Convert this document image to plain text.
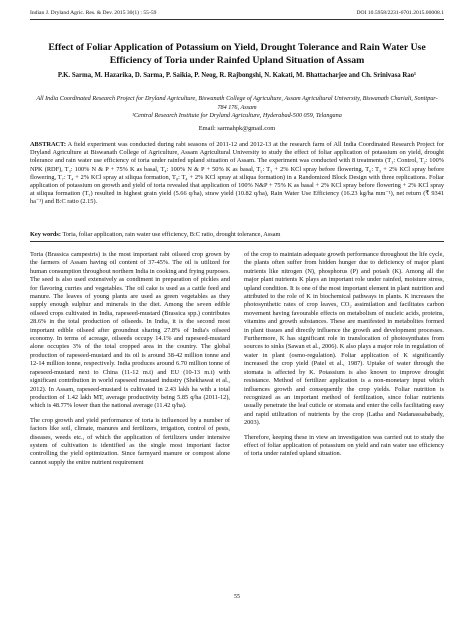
Indian J. Dryland Agric. Res. & Dev. 2015 30(1) : 55-59	DOI 10.5958/2231-6701.2015.00008.1
Effect of Foliar Application of Potassium on Yield, Drought Tolerance and Rain Water Use Efficiency of Toria under Rainfed Upland Situation of Assam

P.K. Sarma, M. Hazarika, D. Sarma, P. Saikia, P. Neog, R. Rajbongshi, N. Kakati, M. Bhattacharjee and Ch. Srinivasa Rao¹

All India Coordinated Research Project for Dryland Agriculture, Biswanath College of Agriculture, Assam Agricultural University, Biswanath Chariali, Sonitpur-784 176, Assam
¹Central Research Institute for Dryland Agriculture, Hyderabad-500 059, Telangana

Email: sarmahpk@gmail.com

ABSTRACT: A field experiment was conducted during rabi seasons of 2011-12 and 2012-13 at the research farm of All India Coordinated Research Project for Dryland Agriculture at Biswanath College of Agriculture, Assam Agricultural University to study the effect of foliar application of potassium on yield, drought tolerance and rain water use efficiency of toria under rainfed upland situation of Assam. The experiment was conducted with 8 treatments (T₁: Control, T₂: 100% NPK (RDF), T₃: 100% N & P + 75% K as basal, T₄: 100% N & P + 50% K as basal, T₅: T₃ + 2% KCl spray before flowering, T₆: T₃ + 2% KCl spray before flowering, T₇: T₄ + 2% KCl spray at siliqua formation, T₈: T₄ + 2% KCl spray at siliqua formation) in a Randomized Block Design with three replications. Foliar application of potassium on growth and yield of toria revealed that application of 100% N&P + 75% K as basal + 2% KCl spray before flowering + 2% KCl spray at siliqua formation (T₇) resulted in highest grain yield (5.66 q/ha), straw yield (10.82 q/ha), Rain Water Use Efficiency (16.23 kg/ha mm⁻¹), net return (₹ 9341 ha⁻¹) and B:C ratio (2.15).

Key words: Toria, foliar application, rain water use efficiency, B:C ratio, drought tolerance, Assam

Toria (Brassica campestris) is the most important rabi oilseed crop grown by the farmers of Assam having oil content of 37-45%. The oil is utilized for human consumption throughout northern India in cooking and frying purposes. The seed is also used extensively as condiment in preparation of pickles and for flavoring curries and vegetables. The oil cake is used as a cattle feed and manure. The leaves of young plants are used as green vegetables as they supply enough sulphur and minerals in the diet. Among the seven edible oilseed crops cultivated in India, rapeseed-mustard (Brassica spp.) contributes 28.6% in the total production of oilseeds. In India, it is the second most important edible oilseed after groundnut sharing 27.8% of India's oilseed economy. In terms of acreage, oilseeds occupy 14.1% and rapeseed-mustard alone occupies 3% of the total cropped area in the country. The global production of rapeseed-mustard and its oil is around 38-42 million tonne and 12-14 million tonne, respectively. India produces around 6.70 million tonne of rapeseed-mustard next to China (11-12 m.t) and EU (10-13 m.t) with significant contribution in world rapeseed mustard industry (Shekhawat et al., 2012). In Assam, rapeseed-mustard is cultivated in 2.43 lakh ha with a total production of 1.42 lakh MT, average productivity being 5.85 q/ha (2011-12), which is 48.77% lower than the national average (11.42 q/ha).

The crop growth and yield performance of toria is influenced by a number of factors like soil, climate, manures and fertilizers, irrigation, control of pests, diseases, weeds etc., of which the application of fertilizers under intensive system of cultivation is identified as the single most important factor controlling the yield optimization. Since farmyard manure or compost alone cannot supply the entire nutrient requirement

of the crop to maintain adequate growth performance throughout the life cycle, the plants often suffer from hidden hunger due to deficiency of major plant nutrients like nitrogen (N), phosphorus (P) and potash (K). Among all the major plant nutrients K plays an important role under rainfed, moisture stress, upland condition. It is one of the most important element in plant nutrition and attributed to the role of K in biochemical pathways in plants. K increases the photosynthetic rates of crop leaves, CO₂ assimilation and facilitates carbon movement having favourable effects on metabolism of nucleic acids, proteins, vitamins and growth substances. These are manifested in metabolites formed in plant tissues and directly influence the growth and development processes. Furthermore, K has significant role in translocation of photosynthates from sources to sinks (Sawan et al., 2006). K also plays a major role in regulation of water in plant (osmo-regulation). Foliar application of K significantly increased the crop yield (Patel et al., 1987). Uptake of water through the stomata is affected by K. Potassium is also known to improve drought resistance. Method of fertilizer application is a non-monetary input which influences growth and consequently the crop yields. Foliar nutrition is recognized as an important method of fertilization, since foliar nutrients usually penetrate the leaf cuticle or stomata and enter the cells facilitating easy and rapid utilization of nutrients by the crop (Latha and Nadanassababady, 2003).

Therefore, keeping these in view an investigation was carried out to study the effect of foliar application of potassium on yield and rain water use efficiency of toria under rainfed upland situation.

55
